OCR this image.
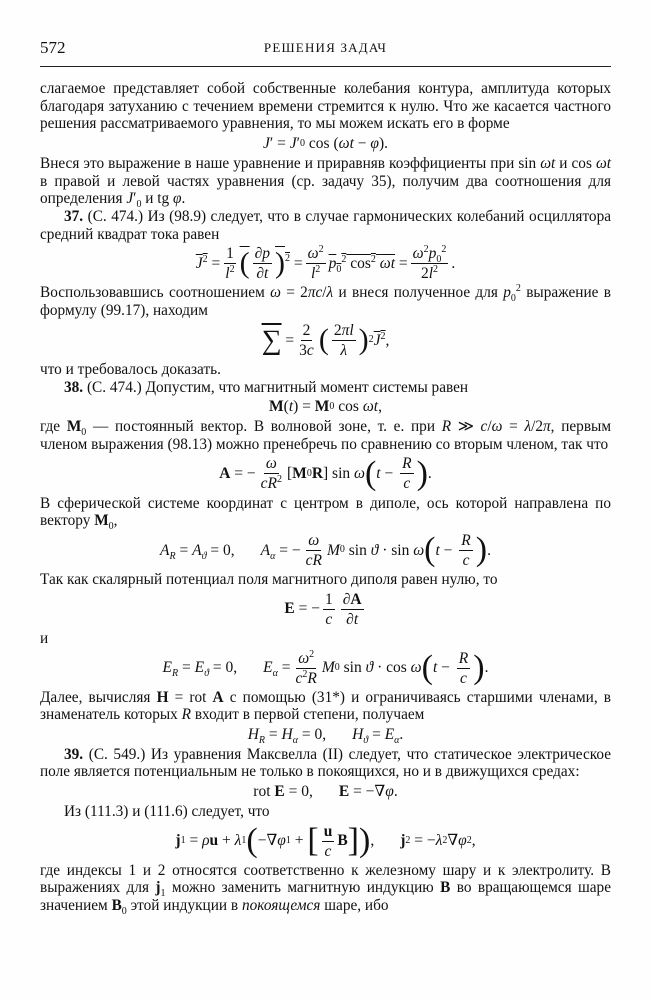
572	РЕШЕНИЯ ЗАДАЧ

слагаемое представляет собой собственные колебания контура, амплитуда которых благодаря затуханию с течением времени стремится к нулю. Что же касается частного решения рассматриваемого уравнения, то мы можем искать его в форме

J ′ = J ′ 0 cos ( ωt − φ ).

Внеся это выражение в наше уравнение и приравняв коэффициенты при sin ωt и cos ωt в правой и левой частях уравнения (ср. задачу 35), получим два соотношения для определения $J'_0$ и tg φ.

37. (С. 474.) Из (98.9) следует, что в случае гармонических колебаний осциллятора средний квадрат тока равен

$J^2 = \frac{1}{l^2}$ ( $\frac{\partial p}{\partial t} )^2 = \frac{\omega^2}{l^2} p_0^2$ $\cos^2 \omega t = \frac{\omega^2p_0^2}{2l^2}$ .

Воспользовавшись соотношением ω = 2πc/λ и внеся полученное для $p_0^2$ выражение в формулу (99.17), находим

∑ = $\frac{2}{3c}$ ( $\frac{2\pi l}{\lambda}$ ) 2 $J^2$ ,

что и требовалось доказать.

38. (С. 474.) Допустим, что магнитный момент системы равен

M ( t ) = M 0 cos ωt ,

где $M_0$ — постоянный вектор. В волновой зоне, т. е. при R ≫ c/ω = λ/2π, первым членом выражения (98.13) можно пренебречь по сравнению со вторым членом, так что

A = − $\frac{\omega}{cR^2}$ [ M 0 R ] sin ω ( $t - \frac{R}{c}$ ) .

В сферической системе координат с центром в диполе, ось которой направлена по вектору $M_0$,

$A_R = A_ϑ = 0$, $A_\alpha$ = − $\frac{\omega}{cR}$ M 0 sin ϑ · sin ω ( $t - \frac{R}{c}$ ) .

Так как скалярный потенциал поля магнитного диполя равен нулю, то

E = − $\frac{1}{c} \frac{\partial A}{\partial t}$

и

$E_R = E_ϑ = 0$, $E_\alpha = \frac{\omega^2}{c^2R}$ M 0 sin ϑ · cos ω ( $t - \frac{R}{c}$ ) .

Далее, вычисляя H = rot A с помощью (31*) и ограничиваясь старшими членами, в знаменатель которых R входит в первой степени, получаем

$H_R = H_\alpha = 0$, $H_ϑ = E_\alpha$ .

39. (С. 549.) Из уравнения Максвелла (II) следует, что статическое электрическое поле является потенциальным не только в покоящихся, но и в движущихся средах:

rot E = 0, E = −∇ φ .

Из (111.3) и (111.6) следует, что

j 1 = ρ u + λ 1 ( −∇ φ 1 + [ $\frac{u}{c}$ B ] ) , j 2 = − λ 2 ∇ φ 2 ,

где индексы 1 и 2 относятся соответственно к железному шару и к электролиту. В выражениях для $j_1$ можно заменить магнитную индукцию B во вращающемся шаре значением $B_0$ этой индукции в покоящемся шаре, ибо
